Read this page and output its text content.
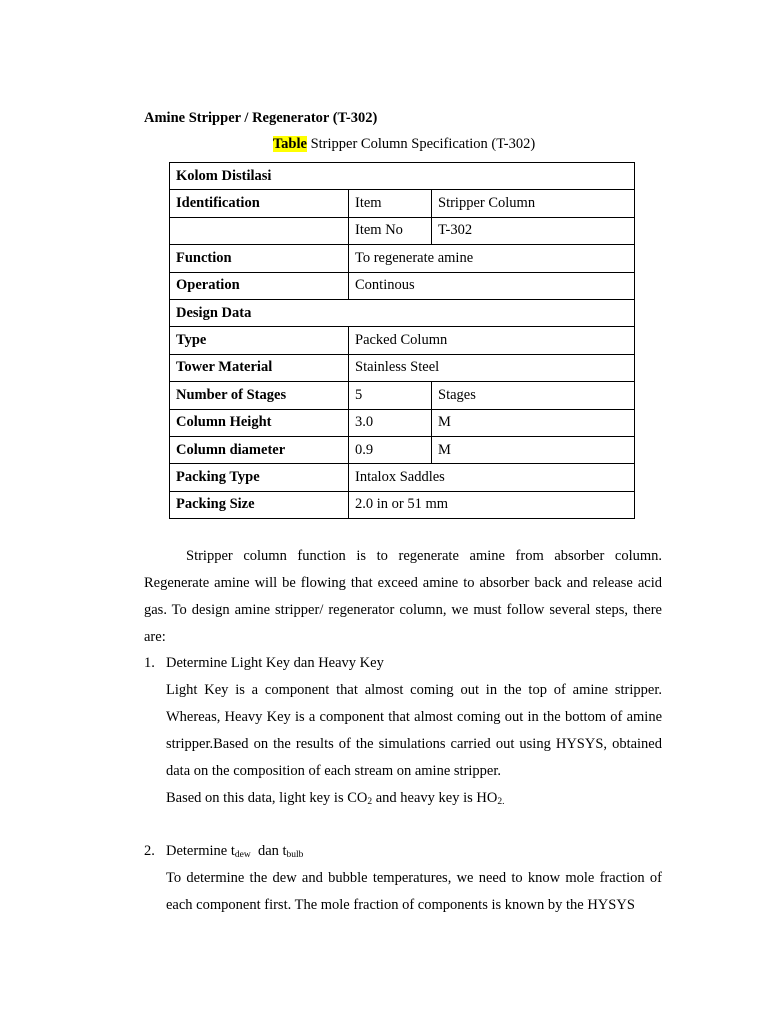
Amine Stripper / Regenerator (T-302)
Table Stripper Column Specification (T-302)
Kolom Distilasi		
Identification	Item	Stripper Column
	Item No	T-302
Function	To regenerate amine	
Operation	Continous	
Design Data		
Type	Packed Column	
Tower Material	Stainless Steel	
Number of Stages	5	Stages
Column Height	3.0	M
Column diameter	0.9	M
Packing Type	Intalox Saddles	
Packing Size	2.0 in or 51 mm	
Stripper column function is to regenerate amine from absorber column. Regenerate amine will be flowing that exceed amine to absorber back and release acid gas. To design amine stripper/ regenerator column, we must follow several steps, there are:
1. Determine Light Key dan Heavy Key
Light Key is a component that almost coming out in the top of amine stripper. Whereas, Heavy Key is a component that almost coming out in the bottom of amine stripper.Based on the results of the simulations carried out using HYSYS, obtained data on the composition of each stream on amine stripper.
Based on this data, light key is $CO_2$ and heavy key is $HO_{2.}$
2. Determine $t_{dew}$  dan $t_{bulb}$
To determine the dew and bubble temperatures, we need to know mole fraction of each component first. The mole fraction of components is known by the HYSYS
